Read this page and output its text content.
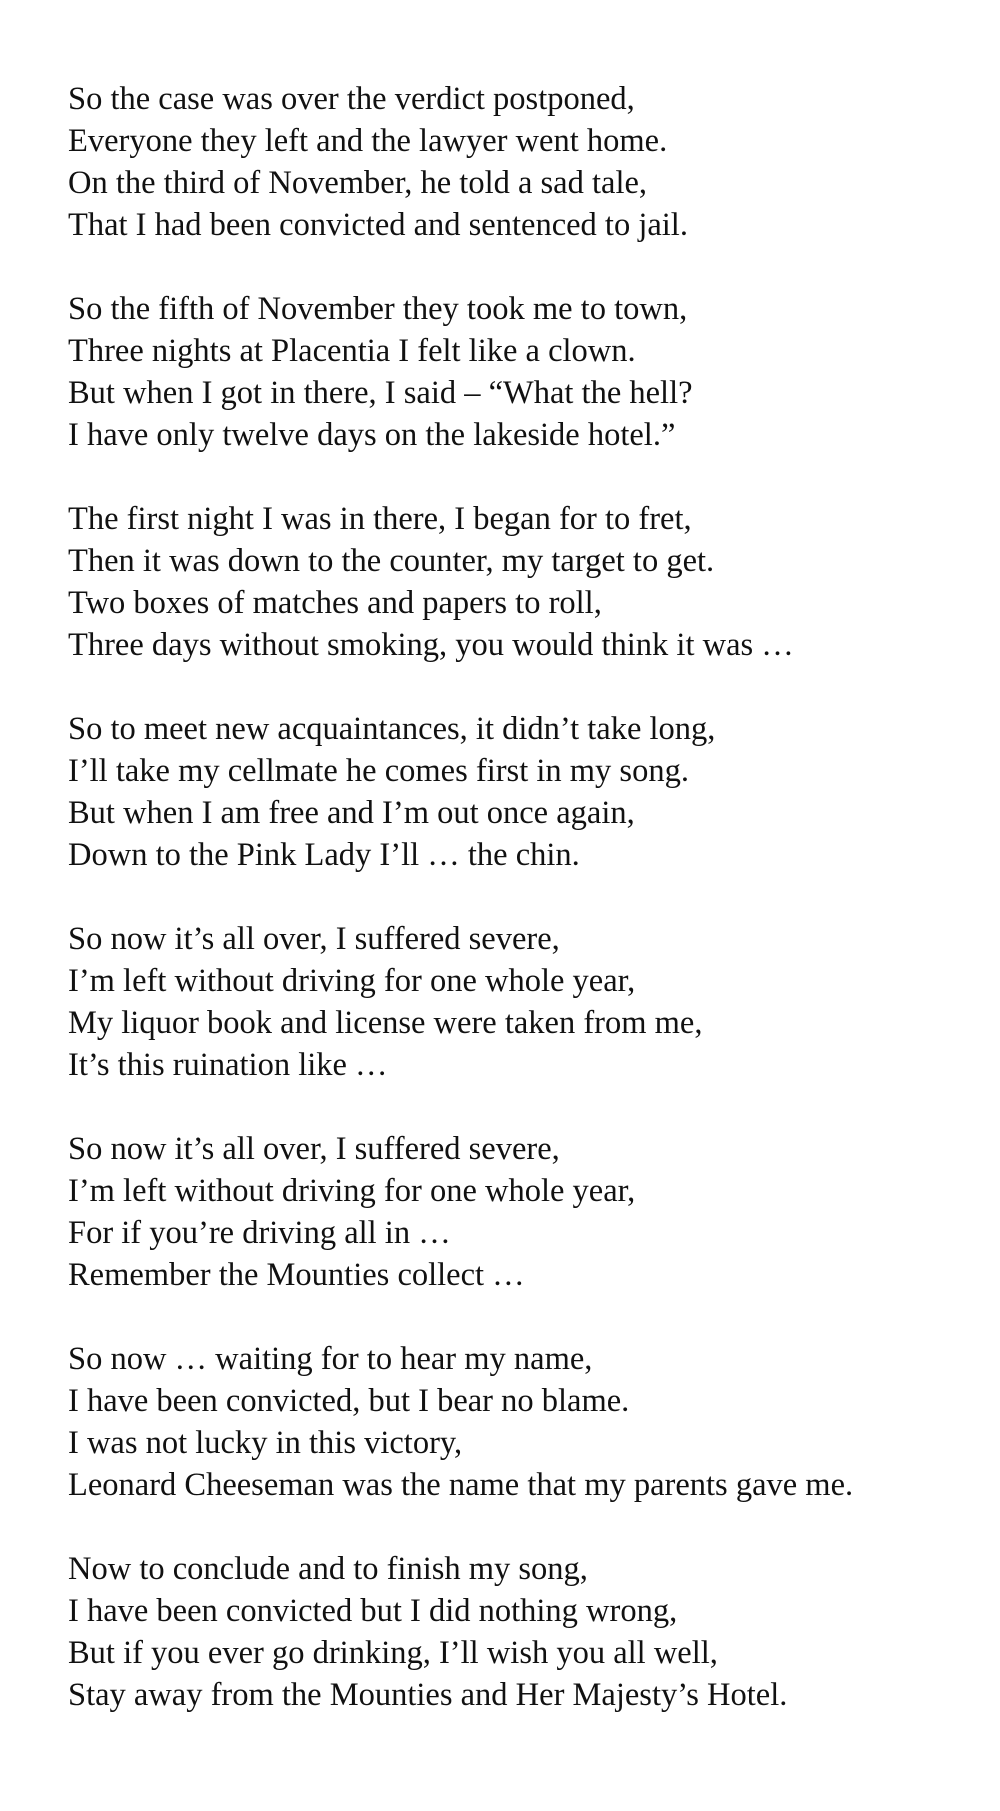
So the case was over the verdict postponed,
Everyone they left and the lawyer went home.
On the third of November, he told a sad tale,
That I had been convicted and sentenced to jail.
So the fifth of November they took me to town,
Three nights at Placentia I felt like a clown.
But when I got in there, I said – “What the hell?
I have only twelve days on the lakeside hotel.”
The first night I was in there, I began for to fret,
Then it was down to the counter, my target to get.
Two boxes of matches and papers to roll,
Three days without smoking, you would think it was …
So to meet new acquaintances, it didn’t take long,
I’ll take my cellmate he comes first in my song.
But when I am free and I’m out once again,
Down to the Pink Lady I’ll … the chin.
So now it’s all over, I suffered severe,
I’m left without driving for one whole year,
My liquor book and license were taken from me,
It’s this ruination like …
So now it’s all over, I suffered severe,
I’m left without driving for one whole year,
For if you’re driving all in …
Remember the Mounties collect …
So now … waiting for to hear my name,
I have been convicted, but I bear no blame.
I was not lucky in this victory,
Leonard Cheeseman was the name that my parents gave me.
Now to conclude and to finish my song,
I have been convicted but I did nothing wrong,
But if you ever go drinking, I’ll wish you all well,
Stay away from the Mounties and Her Majesty’s Hotel.
